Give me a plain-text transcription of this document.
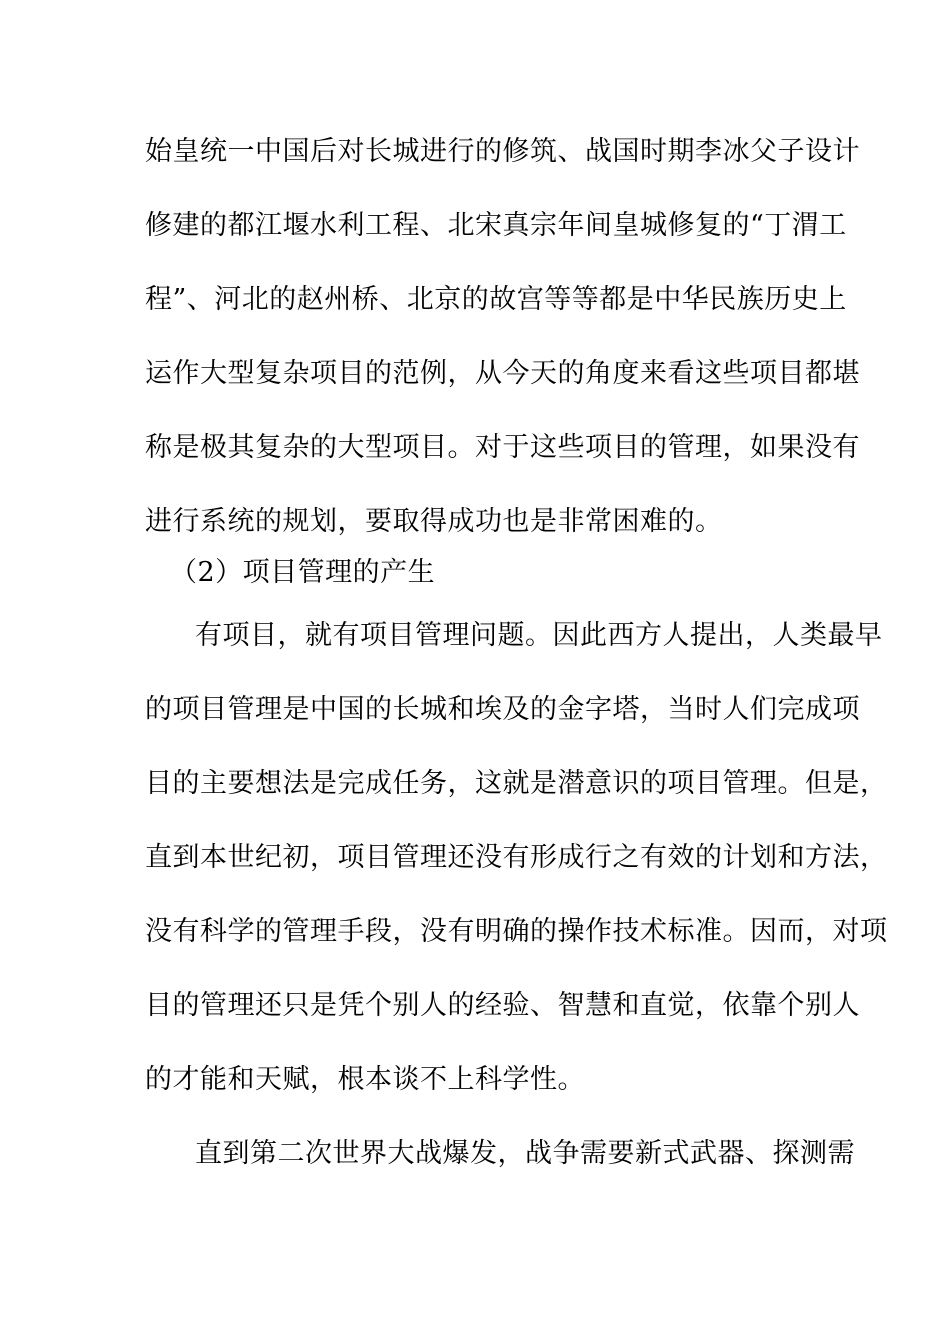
始皇统一中国后对长城进行的修筑、战国时期李冰父子设计
修建的都江堰水利工程、北宋真宗年间皇城修复的“丁渭工
程”、河北的赵州桥、北京的故宫等等都是中华民族历史上
运作大型复杂项目的范例，从今天的角度来看这些项目都堪
称是极其复杂的大型项目。对于这些项目的管理，如果没有
进行系统的规划，要取得成功也是非常困难的。
（2）项目管理的产生
有项目，就有项目管理问题。因此西方人提出，人类最早
的项目管理是中国的长城和埃及的金字塔，当时人们完成项
目的主要想法是完成任务，这就是潜意识的项目管理。但是，
直到本世纪初，项目管理还没有形成行之有效的计划和方法，
没有科学的管理手段，没有明确的操作技术标准。因而，对项
目的管理还只是凭个别人的经验、智慧和直觉，依靠个别人
的才能和天赋，根本谈不上科学性。
直到第二次世界大战爆发，战争需要新式武器、探测需
